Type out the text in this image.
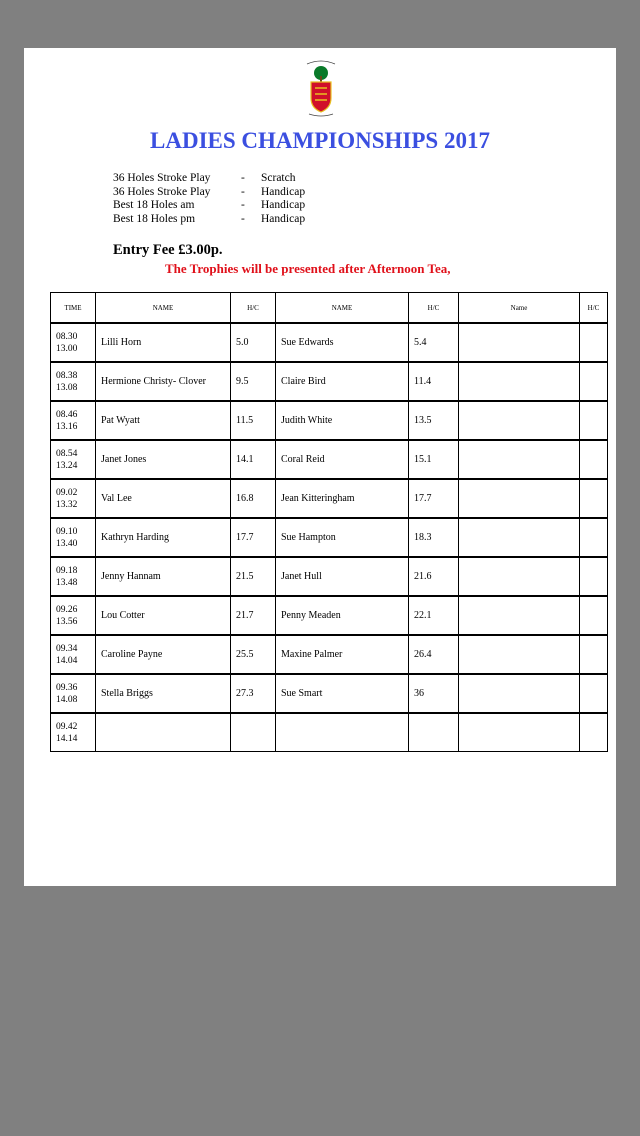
LADIES CHAMPIONSHIPS 2017
36 Holes Stroke Play	- Scratch
36 Holes Stroke Play	- Handicap
Best 18 Holes am	- Handicap
Best 18 Holes pm	- Handicap
Entry Fee £3.00p.
The Trophies will be presented after Afternoon Tea,
TIME	NAME	H/C	NAME	H/C	Name	H/C

08.30
13.00	Lilli Horn	5.0	Sue Edwards	5.4		

08.38
13.08	Hermione Christy- Clover	9.5	Claire Bird	11.4		

08.46
13.16	Pat Wyatt	11.5	Judith White	13.5		

08.54
13.24	Janet Jones	14.1	Coral Reid	15.1		

09.02
13.32	Val Lee	16.8	Jean Kitteringham	17.7		

09.10
13.40	Kathryn Harding	17.7	Sue Hampton	18.3		

09.18
13.48	Jenny Hannam	21.5	Janet Hull	21.6		

09.26
13.56	Lou Cotter	21.7	Penny Meaden	22.1		

09.34
14.04	Caroline Payne	25.5	Maxine Palmer	26.4		

09.36
14.08	Stella Briggs	27.3	Sue Smart	36		

09.42
14.14						
